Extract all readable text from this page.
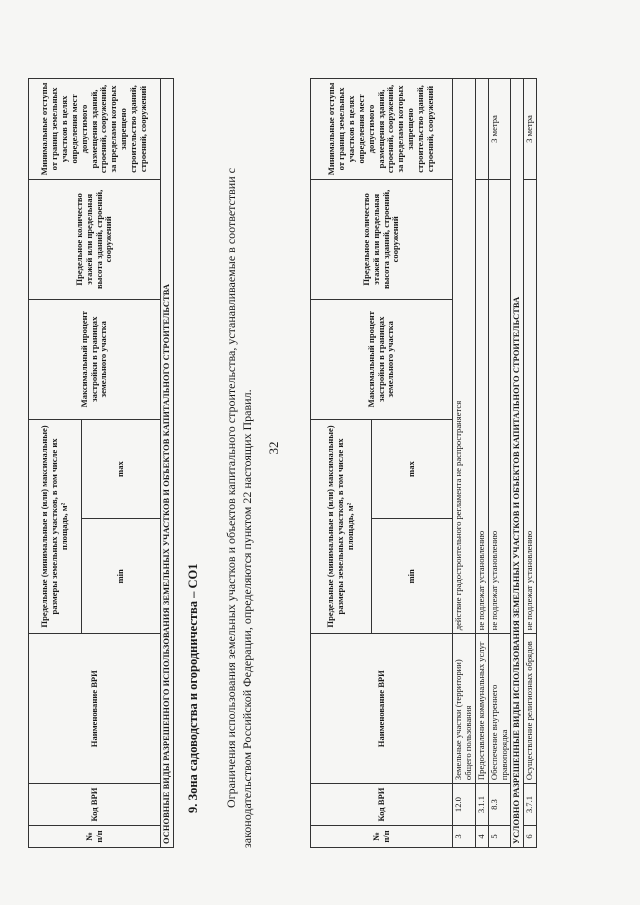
32
№ п/п	Код ВРИ	Наименование ВРИ	Предельные (минимальные и (или) максимальные) размеры земельных участков, в том числе их площадь, м²		Максимальный процент застройки в границах земельного участка	Предельное количество этажей или предельная высота зданий, строений, сооружений	Минимальные отступы от границ земельных участков в целях определения мест допустимого размещения зданий, строений, сооружений, за пределами которых запрещено строительство зданий, строений, сооружений
			min	max			
3	12.0	Земельные участки (территории) общего пользования	действие градостроительного регламента не распространяется				
4	3.1.1	Предоставление коммунальных услуг	не подлежат установлению				
5	8.3	Обеспечение внутреннего правопорядка	не подлежат установлению				3 метра
УСЛОВНО РАЗРЕШЕННЫЕ ВИДЫ ИСПОЛЬЗОВАНИЯ ЗЕМЕЛЬНЫХ УЧАСТКОВ И ОБЪЕКТОВ КАПИТАЛЬНОГО СТРОИТЕЛЬСТВА							
6	3.7.1	Осуществление религиозных обрядов	не подлежат установлению				3 метра
Ограничения использования земельных участков и объектов капитального строительства, устанавливаемые в соответствии с законодательством Российской Федерации, определяются пунктом 22 настоящих Правил.
9. Зона садоводства и огородничества – СО1
№ п/п	Код ВРИ	Наименование ВРИ	Предельные (минимальные и (или) максимальные) размеры земельных участков, в том числе их площадь, м²		Максимальный процент застройки в границах земельного участка	Предельное количество этажей или предельная высота зданий, строений, сооружений	Минимальные отступы от границ земельных участков в целях определения мест допустимого размещения зданий, строений, сооружений, за пределами которых запрещено строительство зданий, строений, сооружений
			min	max			
ОСНОВНЫЕ ВИДЫ РАЗРЕШЕННОГО ИСПОЛЬЗОВАНИЯ ЗЕМЕЛЬНЫХ УЧАСТКОВ И ОБЪЕКТОВ КАПИТАЛЬНОГО СТРОИТЕЛЬСТВА							
